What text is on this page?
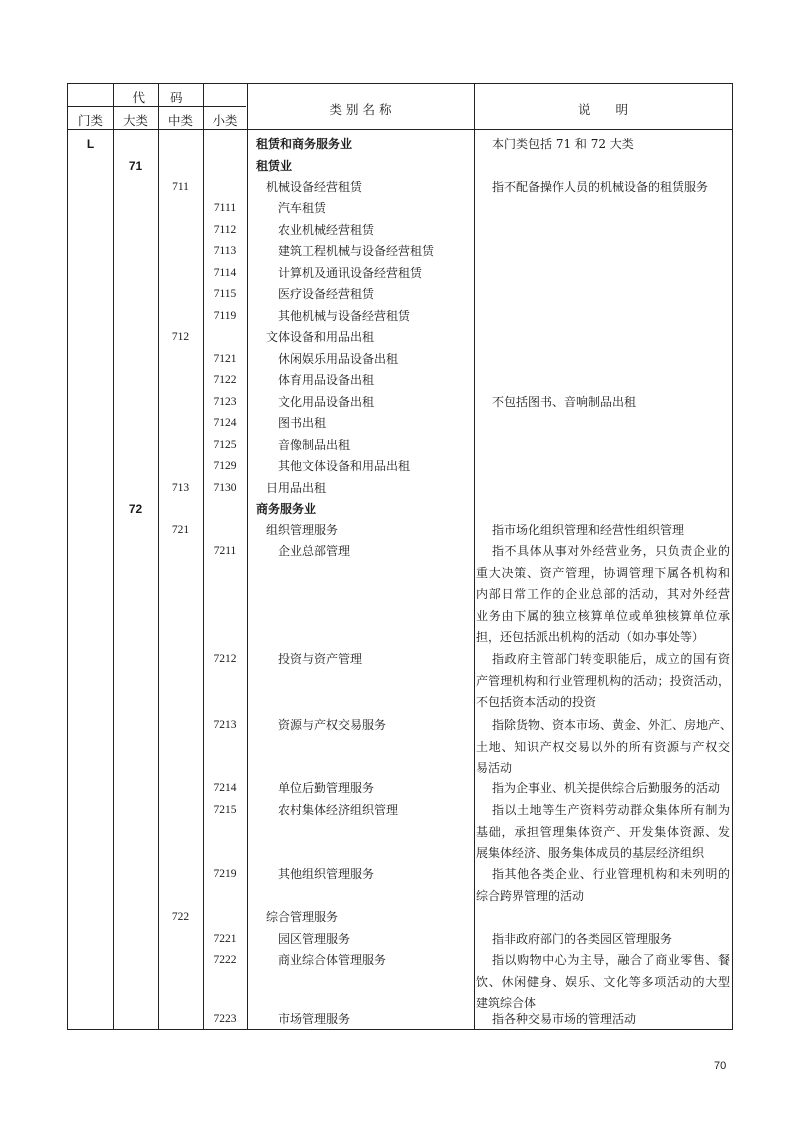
代　　码
门类	大类	中类	小类
类 别 名 称	说　　明
L	租赁和商务服务业	本门类包括 71 和 72 大类
71	租赁业
711	机械设备经营租赁	指不配备操作人员的机械设备的租赁服务
7111	汽车租赁
7112	农业机械经营租赁
7113	建筑工程机械与设备经营租赁
7114	计算机及通讯设备经营租赁
7115	医疗设备经营租赁
7119	其他机械与设备经营租赁
712	文体设备和用品出租
7121	休闲娱乐用品设备出租
7122	体育用品设备出租
7123	文化用品设备出租	不包括图书、音响制品出租
7124	图书出租
7125	音像制品出租
7129	其他文体设备和用品出租
713	7130	日用品出租
72	商务服务业
721	组织管理服务	指市场化组织管理和经营性组织管理
7211	企业总部管理	指不具体从事对外经营业务，只负责企业的
重大决策、资产管理，协调管理下属各机构和
内部日常工作的企业总部的活动，其对外经营
业务由下属的独立核算单位或单独核算单位承
担，还包括派出机构的活动（如办事处等）
7212	投资与资产管理	指政府主管部门转变职能后，成立的国有资
产管理机构和行业管理机构的活动；投资活动，
不包括资本活动的投资
7213	资源与产权交易服务	指除货物、资本市场、黄金、外汇、房地产、
土地、知识产权交易以外的所有资源与产权交
易活动
7214	单位后勤管理服务	指为企事业、机关提供综合后勤服务的活动
7215	农村集体经济组织管理	指以土地等生产资料劳动群众集体所有制为
基础，承担管理集体资产、开发集体资源、发
展集体经济、服务集体成员的基层经济组织
7219	其他组织管理服务	指其他各类企业、行业管理机构和未列明的
综合跨界管理的活动
722	综合管理服务
7221	园区管理服务	指非政府部门的各类园区管理服务
7222	商业综合体管理服务	指以购物中心为主导，融合了商业零售、餐
饮、休闲健身、娱乐、文化等多项活动的大型
建筑综合体
7223	市场管理服务	指各种交易市场的管理活动
70
